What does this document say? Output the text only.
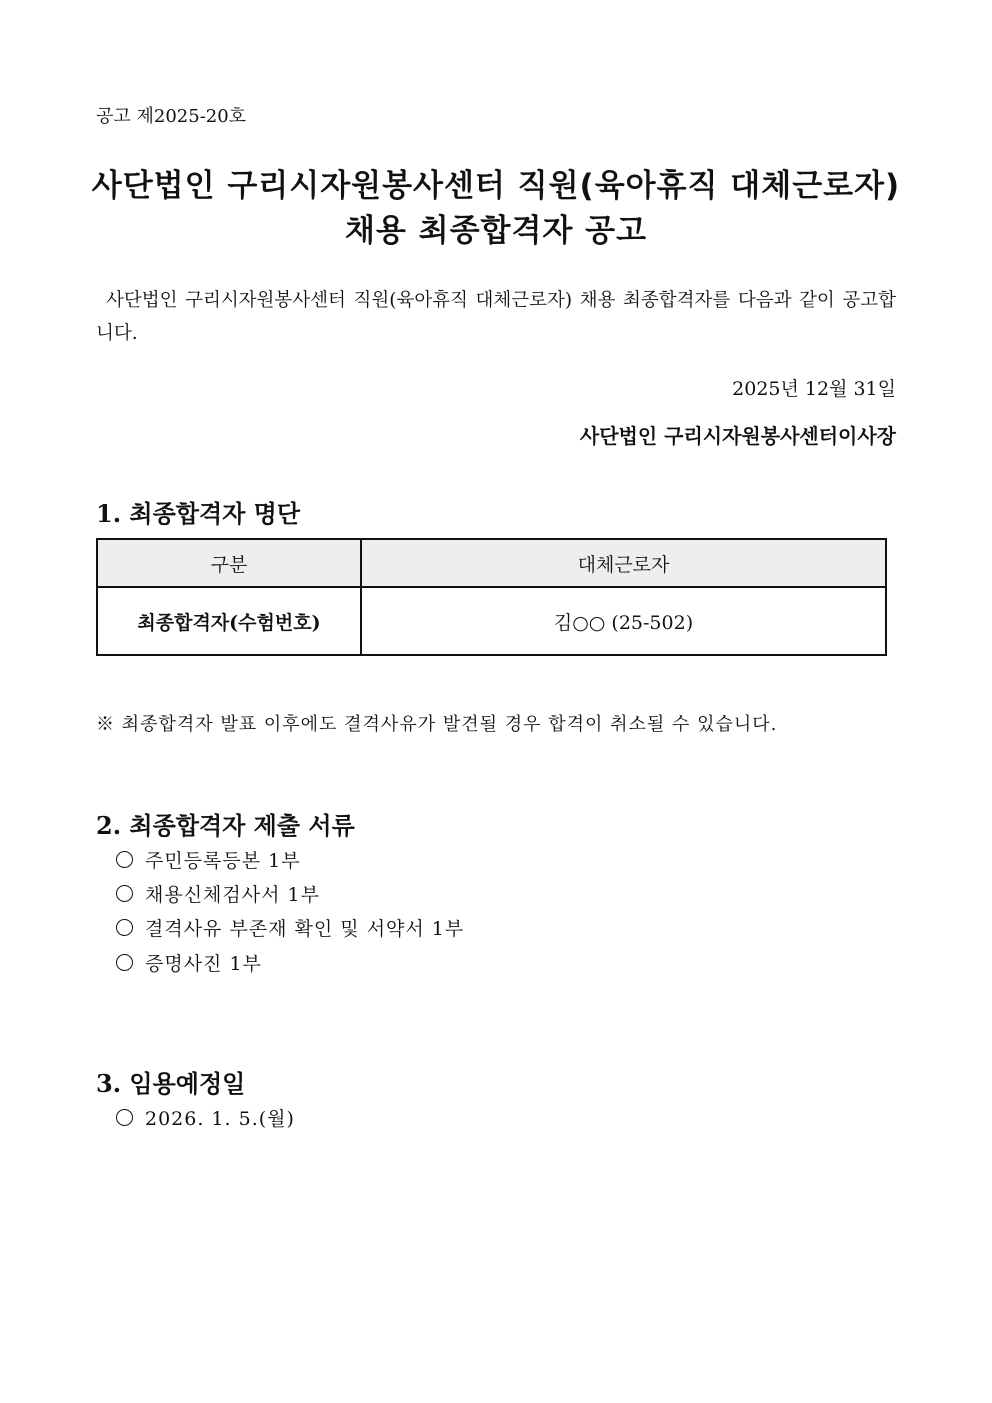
공고 제2025-20호
사단법인 구리시자원봉사센터 직원(육아휴직 대체근로자)
채용 최종합격자 공고
사단법인 구리시자원봉사센터 직원(육아휴직 대체근로자) 채용 최종합격자를 다음과 같이 공고합니다.
2025년 12월 31일
사단법인 구리시자원봉사센터이사장
1. 최종합격자 명단
구분	대체근로자
최종합격자(수험번호)	김○○ (25-502)
※ 최종합격자 발표 이후에도 결격사유가 발견될 경우 합격이 취소될 수 있습니다.
2. 최종합격자 제출 서류
주민등록등본 1부
채용신체검사서 1부
결격사유 부존재 확인 및 서약서 1부
증명사진 1부
3. 임용예정일
2026. 1. 5.(월)
